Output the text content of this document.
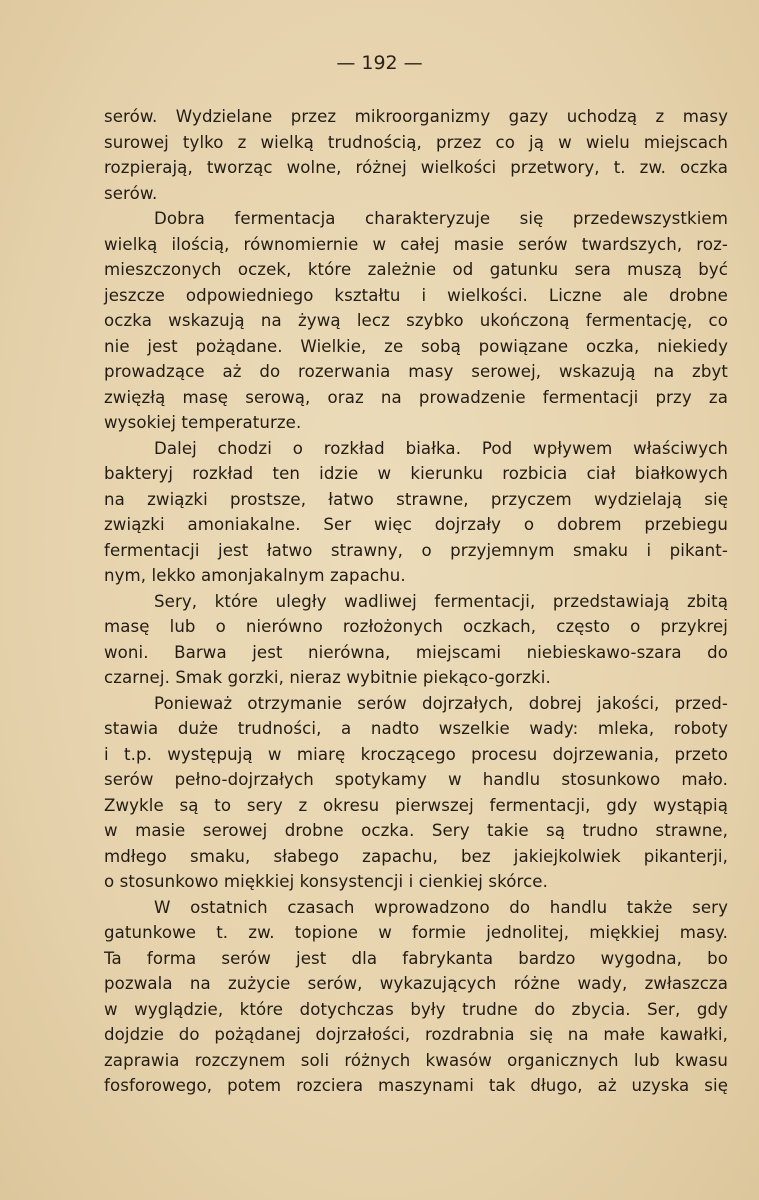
— 192 —
serów. Wydzielane przez mikroorganizmy gazy uchodzą z masy
surowej tylko z wielką trudnością, przez co ją w wielu miejscach
rozpierają, tworząc wolne, różnej wielkości przetwory, t. zw. oczka
serów.
Dobra fermentacja charakteryzuje się przedewszystkiem
wielką ilością, równomiernie w całej masie serów twardszych, roz-
mieszczonych oczek, które zależnie od gatunku sera muszą być
jeszcze odpowiedniego kształtu i wielkości. Liczne ale drobne
oczka wskazują na żywą lecz szybko ukończoną fermentację, co
nie jest pożądane. Wielkie, ze sobą powiązane oczka, niekiedy
prowadzące aż do rozerwania masy serowej, wskazują na zbyt
zwięzłą masę serową, oraz na prowadzenie fermentacji przy za
wysokiej temperaturze.
Dalej chodzi o rozkład białka. Pod wpływem właściwych
bakteryj rozkład ten idzie w kierunku rozbicia ciał białkowych
na związki prostsze, łatwo strawne, przyczem wydzielają się
związki amoniakalne. Ser więc dojrzały o dobrem przebiegu
fermentacji jest łatwo strawny, o przyjemnym smaku i pikant-
nym, lekko amonjakalnym zapachu.
Sery, które uległy wadliwej fermentacji, przedstawiają zbitą
masę lub o nierówno rozłożonych oczkach, często o przykrej
woni. Barwa jest nierówna, miejscami niebieskawo-szara do
czarnej. Smak gorzki, nieraz wybitnie piekąco-gorzki.
Ponieważ otrzymanie serów dojrzałych, dobrej jakości, przed-
stawia duże trudności, a nadto wszelkie wady: mleka, roboty
i t.p. występują w miarę kroczącego procesu dojrzewania, przeto
serów pełno-dojrzałych spotykamy w handlu stosunkowo mało.
Zwykle są to sery z okresu pierwszej fermentacji, gdy wystąpią
w masie serowej drobne oczka. Sery takie są trudno strawne,
mdłego smaku, słabego zapachu, bez jakiejkolwiek pikanterji,
o stosunkowo miękkiej konsystencji i cienkiej skórce.
W ostatnich czasach wprowadzono do handlu także sery
gatunkowe t. zw. topione w formie jednolitej, miękkiej masy.
Ta forma serów jest dla fabrykanta bardzo wygodna, bo
pozwala na zużycie serów, wykazujących różne wady, zwłaszcza
w wyglądzie, które dotychczas były trudne do zbycia. Ser, gdy
dojdzie do pożądanej dojrzałości, rozdrabnia się na małe kawałki,
zaprawia rozczynem soli różnych kwasów organicznych lub kwasu
fosforowego, potem rozciera maszynami tak długo, aż uzyska się
